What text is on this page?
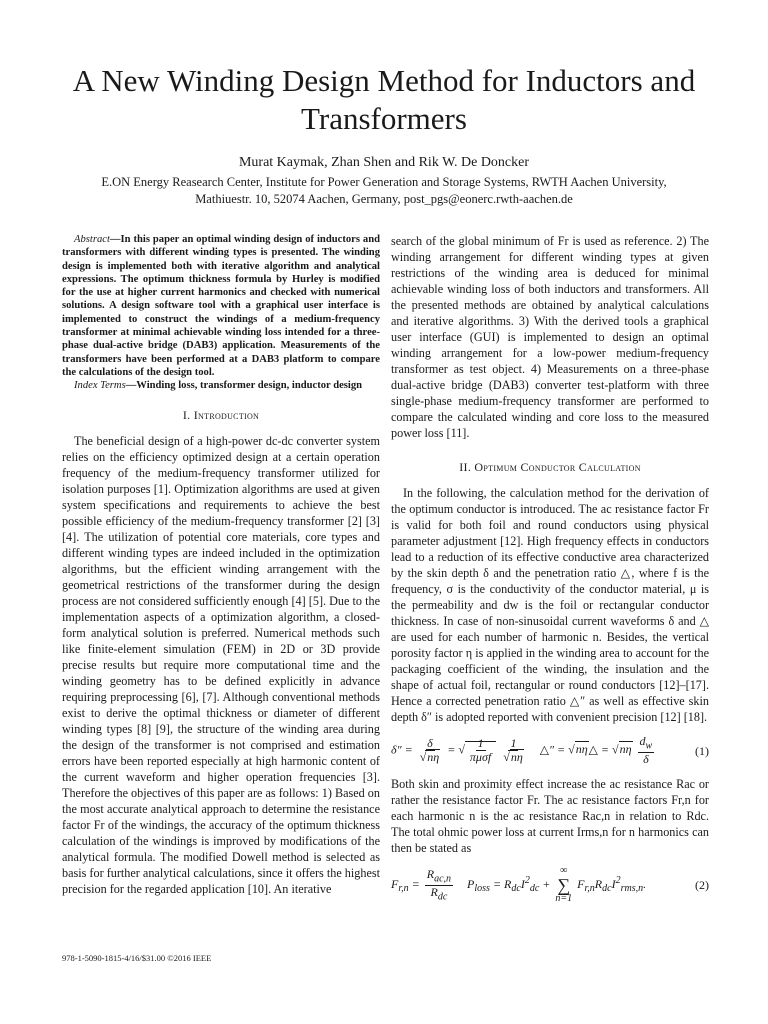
A New Winding Design Method for Inductors and Transformers
Murat Kaymak, Zhan Shen and Rik W. De Doncker
E.ON Energy Reasearch Center, Institute for Power Generation and Storage Systems, RWTH Aachen University,
Mathiuestr. 10, 52074 Aachen, Germany, post_pgs@eonerc.rwth-aachen.de

Abstract—In this paper an optimal winding design of inductors and transformers with different winding types is presented. The winding design is implemented both with iterative algorithm and analytical expressions. The optimum thickness formula by Hurley is modified for the use at higher current harmonics and checked with numerical solutions. A design software tool with a graphical user interface is implemented to construct the windings of a medium-frequency transformer at minimal achievable winding loss intended for a three-phase dual-active bridge (DAB3) application. Measurements of the transformers have been performed at a DAB3 platform to compare the calculations of the design tool.

Index Terms—Winding loss, transformer design, inductor design

I. Introduction

The beneficial design of a high-power dc-dc converter system relies on the efficiency optimized design at a certain operation frequency of the medium-frequency transformer utilized for isolation purposes [1]. Optimization algorithms are used at given system specifications and requirements to achieve the best possible efficiency of the medium-frequency transformer [2] [3] [4]. The utilization of potential core materials, core types and different winding types are indeed included in the optimization algorithms, but the efficient winding arrangement with the geometrical restrictions of the transformer during the design process are not considered sufficiently enough [4] [5]. Due to the implementation aspects of a optimization algorithm, a closed-form analytical solution is preferred. Numerical methods such like finite-element simulation (FEM) in 2D or 3D provide precise results but require more computational time and the winding geometry has to be defined explicitly in advance requiring preprocessing [6], [7]. Although conventional methods exist to derive the optimal thickness or diameter of different winding types [8] [9], the structure of the winding area during the design of the transformer is not comprised and estimation errors have been reported especially at high harmonic content of the current waveform and higher operation frequencies [3]. Therefore the objectives of this paper are as follows: 1) Based on the most accurate analytical approach to determine the resistance factor Fr of the windings, the accuracy of the optimum thickness calculation of the windings is improved by modifications of the analytical formula. The modified Dowell method is selected as basis for further analytical calculations, since it offers the highest precision for the regarded application [10]. An iterative

search of the global minimum of Fr is used as reference. 2) The winding arrangement for different winding types at given restrictions of the winding area is deduced for minimal achievable winding loss of both inductors and transformers. All the presented methods are obtained by analytical calculations and iterative algorithms. 3) With the derived tools a graphical user interface (GUI) is implemented to design an optimal winding arrangement for a low-power medium-frequency transformer as test object. 4) Measurements on a three-phase dual-active bridge (DAB3) converter test-platform with three single-phase medium-frequency transformer are performed to compare the calculated winding and core loss to the measured power loss [11].

II. Optimum Conductor Calculation

In the following, the calculation method for the derivation of the optimum conductor is introduced. The ac resistance factor Fr is valid for both foil and round conductors using physical parameter adjustment [12]. High frequency effects in conductors lead to a reduction of its effective conductive area characterized by the skin depth δ and the penetration ratio △, where f is the frequency, σ is the conductivity of the conductor material, μ is the permeability and dw is the foil or rectangular conductor thickness. In case of non-sinusoidal current waveforms δ and △ are used for each number of harmonic n. Besides, the vertical porosity factor η is applied in the winding area to account for the packaging coefficient of the winding, the insulation and the shape of actual foil, rectangular or round conductors [12]–[17]. Hence a corrected penetration ratio △″ as well as effective skin depth δ″ is adopted reported with convenient precision [12] [18].

$\delta'' = \frac{\delta}{√n\eta}$ = √ $\frac{1}{\text{πμσf}}$
$\frac{1}{√n\eta}$ △″ = √nη△ = $√n\eta \frac{d_w}{\delta}$	(1)

Both skin and proximity effect increase the ac resistance Rac or rather the resistance factor Fr. The ac resistance factors Fr,n for each harmonic n is the ac resistance Rac,n in relation to Rdc. The total ohmic power loss at current Irms,n for n harmonics can then be stated as

$F_{r,n} = \frac{R_{ac,n}}{R_{dc}} P_{loss} = R_{dc}I^2_{dc}$ +
∞
∑
n=1
$F_{r,n}R_{dc}I^2_{rms,n}$.	(2)
978-1-5090-1815-4/16/$31.00 ©2016 IEEE
